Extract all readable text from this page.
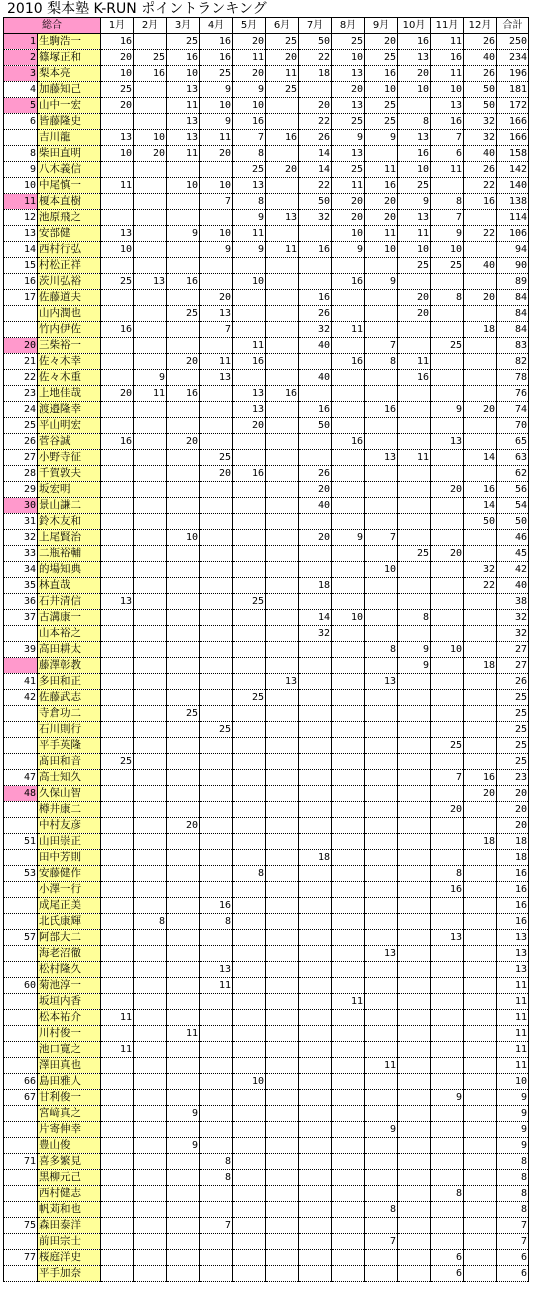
2010 梨本塾 K-RUN ポイントランキング
総合		1月	2月	3月	4月	5月	6月	7月	8月	9月	10月	11月	12月	合計
1	生駒浩一	16		25	16	20	25	50	25	20	16	11	26	250
2	篠塚正和	20	25	16	16	11	20	22	10	25	13	16	40	234
3	梨本亮	10	16	10	25	20	11	18	13	16	20	11	26	196
4	加藤知己	25		13	9	9	25		20	10	10	10	50	181
5	山中一宏	20		11	10	10		20	13	25		13	50	172
6	皆藤隆史			13	9	16		22	25	25	8	16	32	166
	吉川龍	13	10	13	11	7	16	26	9	9	13	7	32	166
8	柴田直明	10	20	11	20	8		14	13		16	6	40	158
9	八木義信					25	20	14	25	11	10	11	26	142
10	中尾慎一	11		10	10	13		22	11	16	25		22	140
11	榎本直樹				7	8		50	20	20	9	8	16	138
12	池原飛之					9	13	32	20	20	13	7		114
13	安部健	13		9	10	11			10	11	11	9	22	106
14	西村行弘	10			9	9	11	16	9	10	10	10		94
15	村松正祥										25	25	40	90
16	茨川弘裕	25	13	16		10			16	9				89
17	佐藤道夫				20			16			20	8	20	84
	山内潤也			25	13			26			20			84
	竹内伊佐	16			7			32	11				18	84
20	三柴裕一					11		40		7		25		83
21	佐々木幸			20	11	16			16	8	11			82
22	佐々木重		9		13			40			16			78
23	上地佳哉	20	11	16		13	16							76
24	渡邉隆幸					13		16		16		9	20	74
25	平山明宏					20		50						70
26	菅谷誠	16		20					16			13		65
27	小野寺征				25					13	11		14	63
28	千賀敦夫				20	16		26						62
29	坂宏明							20				20	16	56
30	景山謙二							40					14	54
31	鈴木友和												50	50
32	上尾賢治			10				20	9	7				46
33	二瓶裕輔										25	20		45
34	的場知典									10			32	42
35	林直哉							18					22	40
36	石井清信	13				25								38
37	古溝康一							14	10		8			32
	山本裕之							32						32
39	高田耕太									8	9	10		27
	藤澤彰教										9		18	27
41	多田和正						13			13				26
42	佐藤武志					25								25
	寺倉功二			25										25
	石川則行				25									25
	平手英隆											25		25
	髙田和音	25												25
47	高士知久											7	16	23
48	久保山智												20	20
	樽井康二											20		20
	中村友彦			20										20
51	山田崇正												18	18
	田中芳則							18						18
53	安藤健作					8						8		16
	小澤一行											16		16
	成尾正美				16									16
	北氏康輝		8		8									16
57	阿部大二											13		13
	海老沼徹									13				13
	松村隆久				13									13
60	菊池淳一				11									11
	坂垣内香								11					11
	松本祐介	11												11
	川村俊一			11										11
	池口寛之	11												11
	澤田真也									11				11
66	島田雅人					10								10
67	甘利俊一											9		9
	宮﨑真之			9										9
	片寄伸幸									9				9
	豊山俊			9										9
71	喜多繁見				8									8
	黒柳元己				8									8
	西村健志											8		8
	帆苅和也									8				8
75	森田泰洋				7									7
	前田宗士									7				7
77	桜庭洋史											6		6
	平手加奈											6		6
